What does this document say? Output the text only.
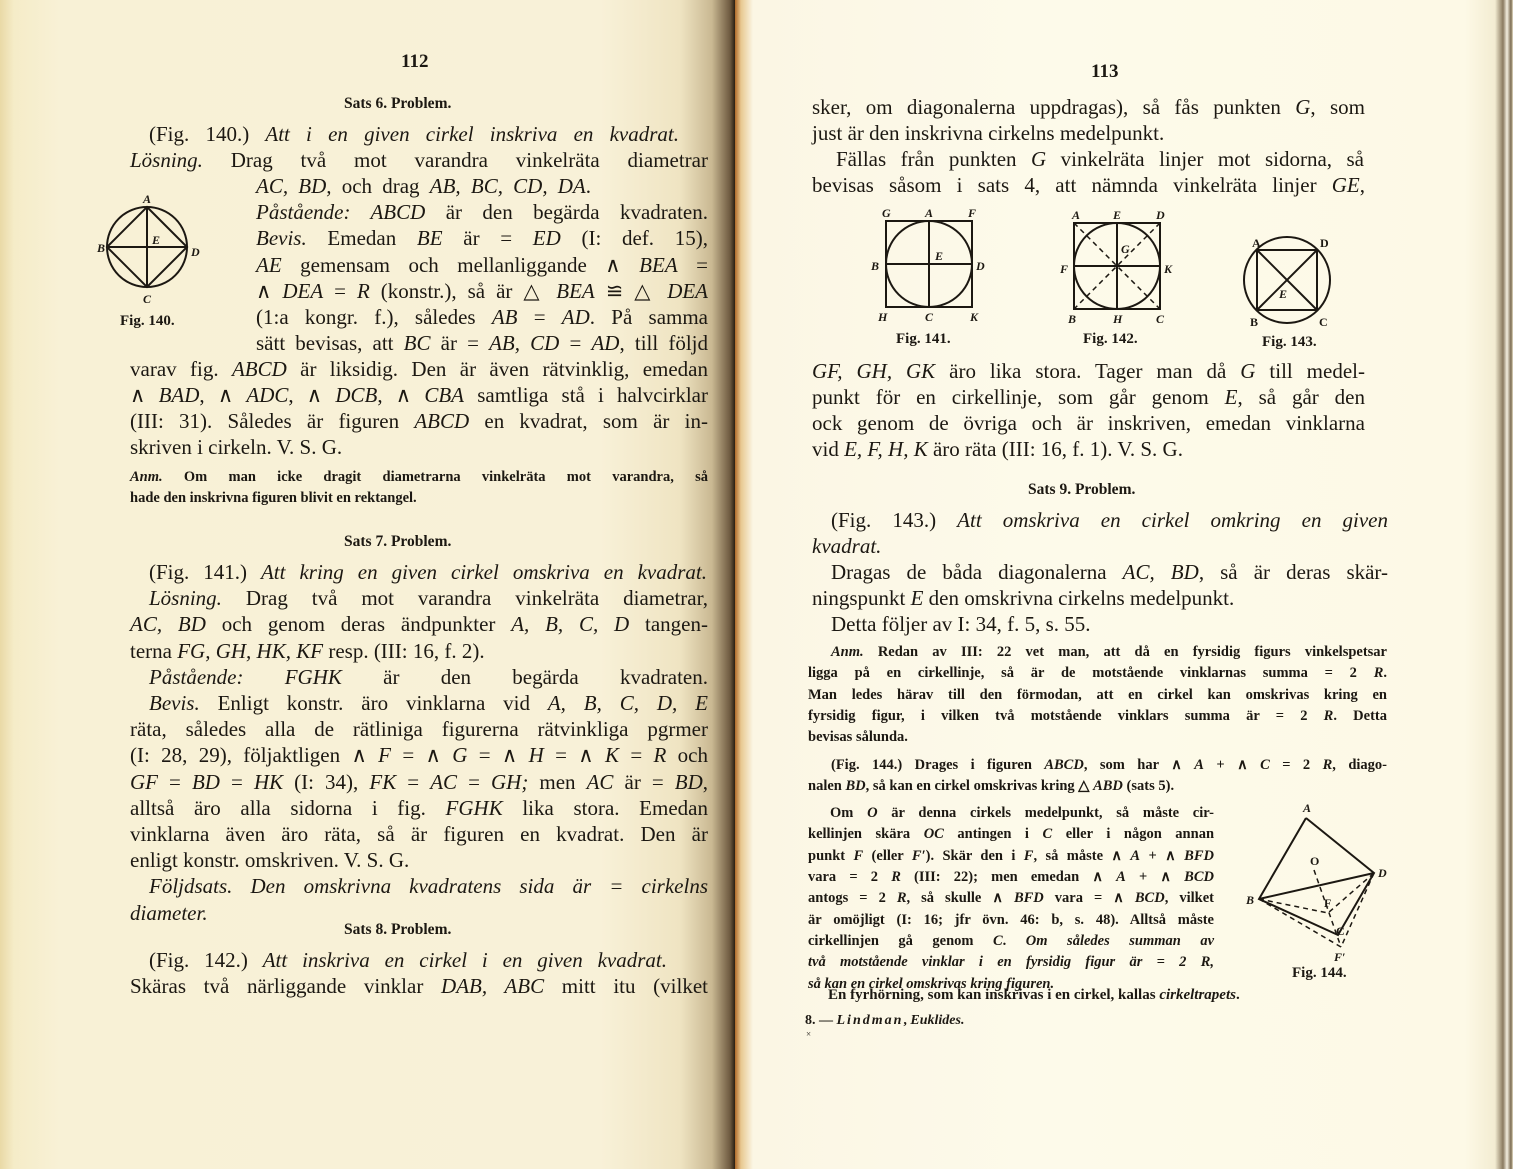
112
Sats 6. Problem.
(Fig. 140.) Att i en given cirkel inskriva en kvadrat.
Lösning. Drag två mot varandra vinkelräta diametrar
AC, BD, och drag AB, BC, CD, DA.
Påstående: ABCD är den begärda kvadraten.
Bevis. Emedan BE är = ED (I: def. 15),
AE gemensam och mellanliggande ∧ BEA =
∧ DEA = R (konstr.), så är △ BEA ≌ △ DEA
(1:a kongr. f.), således AB = AD. På samma
sätt bevisas, att BC är = AB, CD = AD, till följd
varav fig. ABCD är liksidig. Den är även rätvinklig, emedan
∧ BAD, ∧ ADC, ∧ DCB, ∧ CBA samtliga stå i halvcirklar
(III: 31). Således är figuren ABCD en kvadrat, som är in-
skriven i cirkeln. V. S. G.
Anm. Om man icke dragit diametrarna vinkelräta mot varandra, så
hade den inskrivna figuren blivit en rektangel.
A
B
C
D
E
Fig. 140.
Sats 7. Problem.
(Fig. 141.) Att kring en given cirkel omskriva en kvadrat.
Lösning. Drag två mot varandra vinkelräta diametrar,
AC, BD och genom deras ändpunkter A, B, C, D tangen-
terna FG, GH, HK, KF resp. (III: 16, f. 2).
Påstående: FGHK är den begärda kvadraten.
Bevis. Enligt konstr. äro vinklarna vid A, B, C, D, E
räta, således alla de rätliniga figurerna rätvinkliga pgrmer
(I: 28, 29), följaktligen ∧ F = ∧ G = ∧ H = ∧ K = R och
GF = BD = HK (I: 34), FK = AC = GH; men AC är = BD,
alltså äro alla sidorna i fig. FGHK lika stora. Emedan
vinklarna även äro räta, så är figuren en kvadrat. Den är
enligt konstr. omskriven. V. S. G.
Följdsats. Den omskrivna kvadratens sida är = cirkelns
diameter.
Sats 8. Problem.
(Fig. 142.) Att inskriva en cirkel i en given kvadrat.
Skäras två närliggande vinklar DAB, ABC mitt itu (vilket
113
sker, om diagonalerna uppdragas), så fås punkten G, som
just är den inskrivna cirkelns medelpunkt.
Fällas från punkten G vinkelräta linjer mot sidorna, så
bevisas såsom i sats 4, att nämnda vinkelräta linjer GE,
G	A	F
B
E
D
H	C	K
Fig. 141.
A	E	D
F
G
K
B	H	C
Fig. 142.
A	D
E
B	C
Fig. 143.
GF, GH, GK äro lika stora. Tager man då G till medel-
punkt för en cirkellinje, som går genom E, så går den
ock genom de övriga och är inskriven, emedan vinklarna
vid E, F, H, K äro räta (III: 16, f. 1). V. S. G.
Sats 9. Problem.
(Fig. 143.) Att omskriva en cirkel omkring en given
kvadrat.
Dragas de båda diagonalerna AC, BD, så är deras skär-
ningspunkt E den omskrivna cirkelns medelpunkt.
Detta följer av I: 34, f. 5, s. 55.
Anm. Redan av III: 22 vet man, att då en fyrsidig figurs vinkelspetsar
ligga på en cirkellinje, så är de motstående vinklarnas summa = 2 R.
Man ledes härav till den förmodan, att en cirkel kan omskrivas kring en
fyrsidig figur, i vilken två motstående vinklars summa är = 2 R. Detta
bevisas sålunda.
(Fig. 144.) Drages i figuren ABCD, som har ∧ A + ∧ C = 2 R, diago-
nalen BD, så kan en cirkel omskrivas kring △ ABD (sats 5).
Om O är denna cirkels medelpunkt, så måste cir-
kellinjen skära OC antingen i C eller i någon annan
punkt F (eller F′). Skär den i F, så måste ∧ A + ∧ BFD
vara = 2 R (III: 22); men emedan ∧ A + ∧ BCD
antogs = 2 R, så skulle ∧ BFD vara = ∧ BCD, vilket
är omöjligt (I: 16; jfr övn. 46: b, s. 48). Alltså måste
cirkellinjen gå genom C. Om således summan av
två motstående vinklar i en fyrsidig figur är = 2 R,
så kan en cirkel omskrivas kring figuren.
A
O
D
B	F
C
F′
Fig. 144.
En fyrhörning, som kan inskrivas i en cirkel, kallas cirkeltrapets.
8. — Lindman, Euklides.
×
